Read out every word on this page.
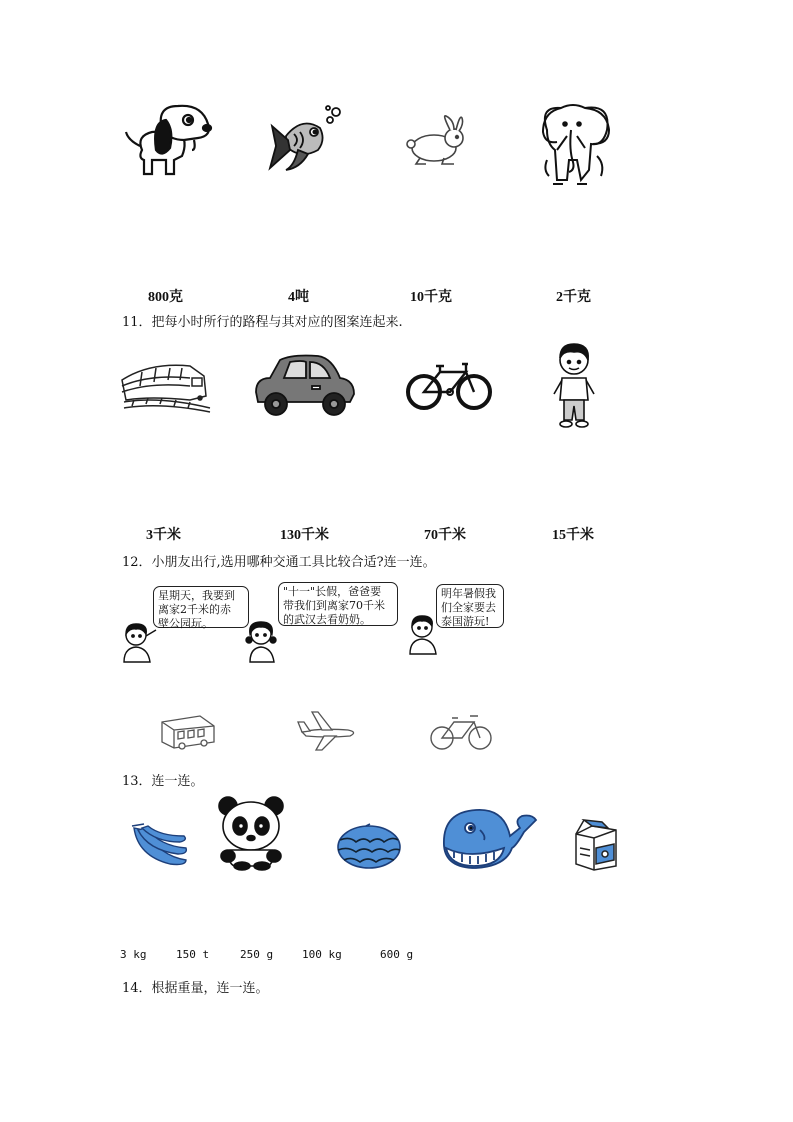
800克	4吨	10千克	2千克
11．把每小时所行的路程与其对应的图案连起来.
3千米	130千米	70千米	15千米
12．小朋友出行,选用哪种交通工具比较合适?连一连。
星期天，我要到
离家2千米的赤
壁公园玩。
"十一"长假，爸爸要
带我们到离家70千米
的武汉去看奶奶。
明年暑假我
们全家要去
泰国游玩!
13．连一连。
3 kg	150 t	250 g	100 kg	600 g
14．根据重量，连一连。
